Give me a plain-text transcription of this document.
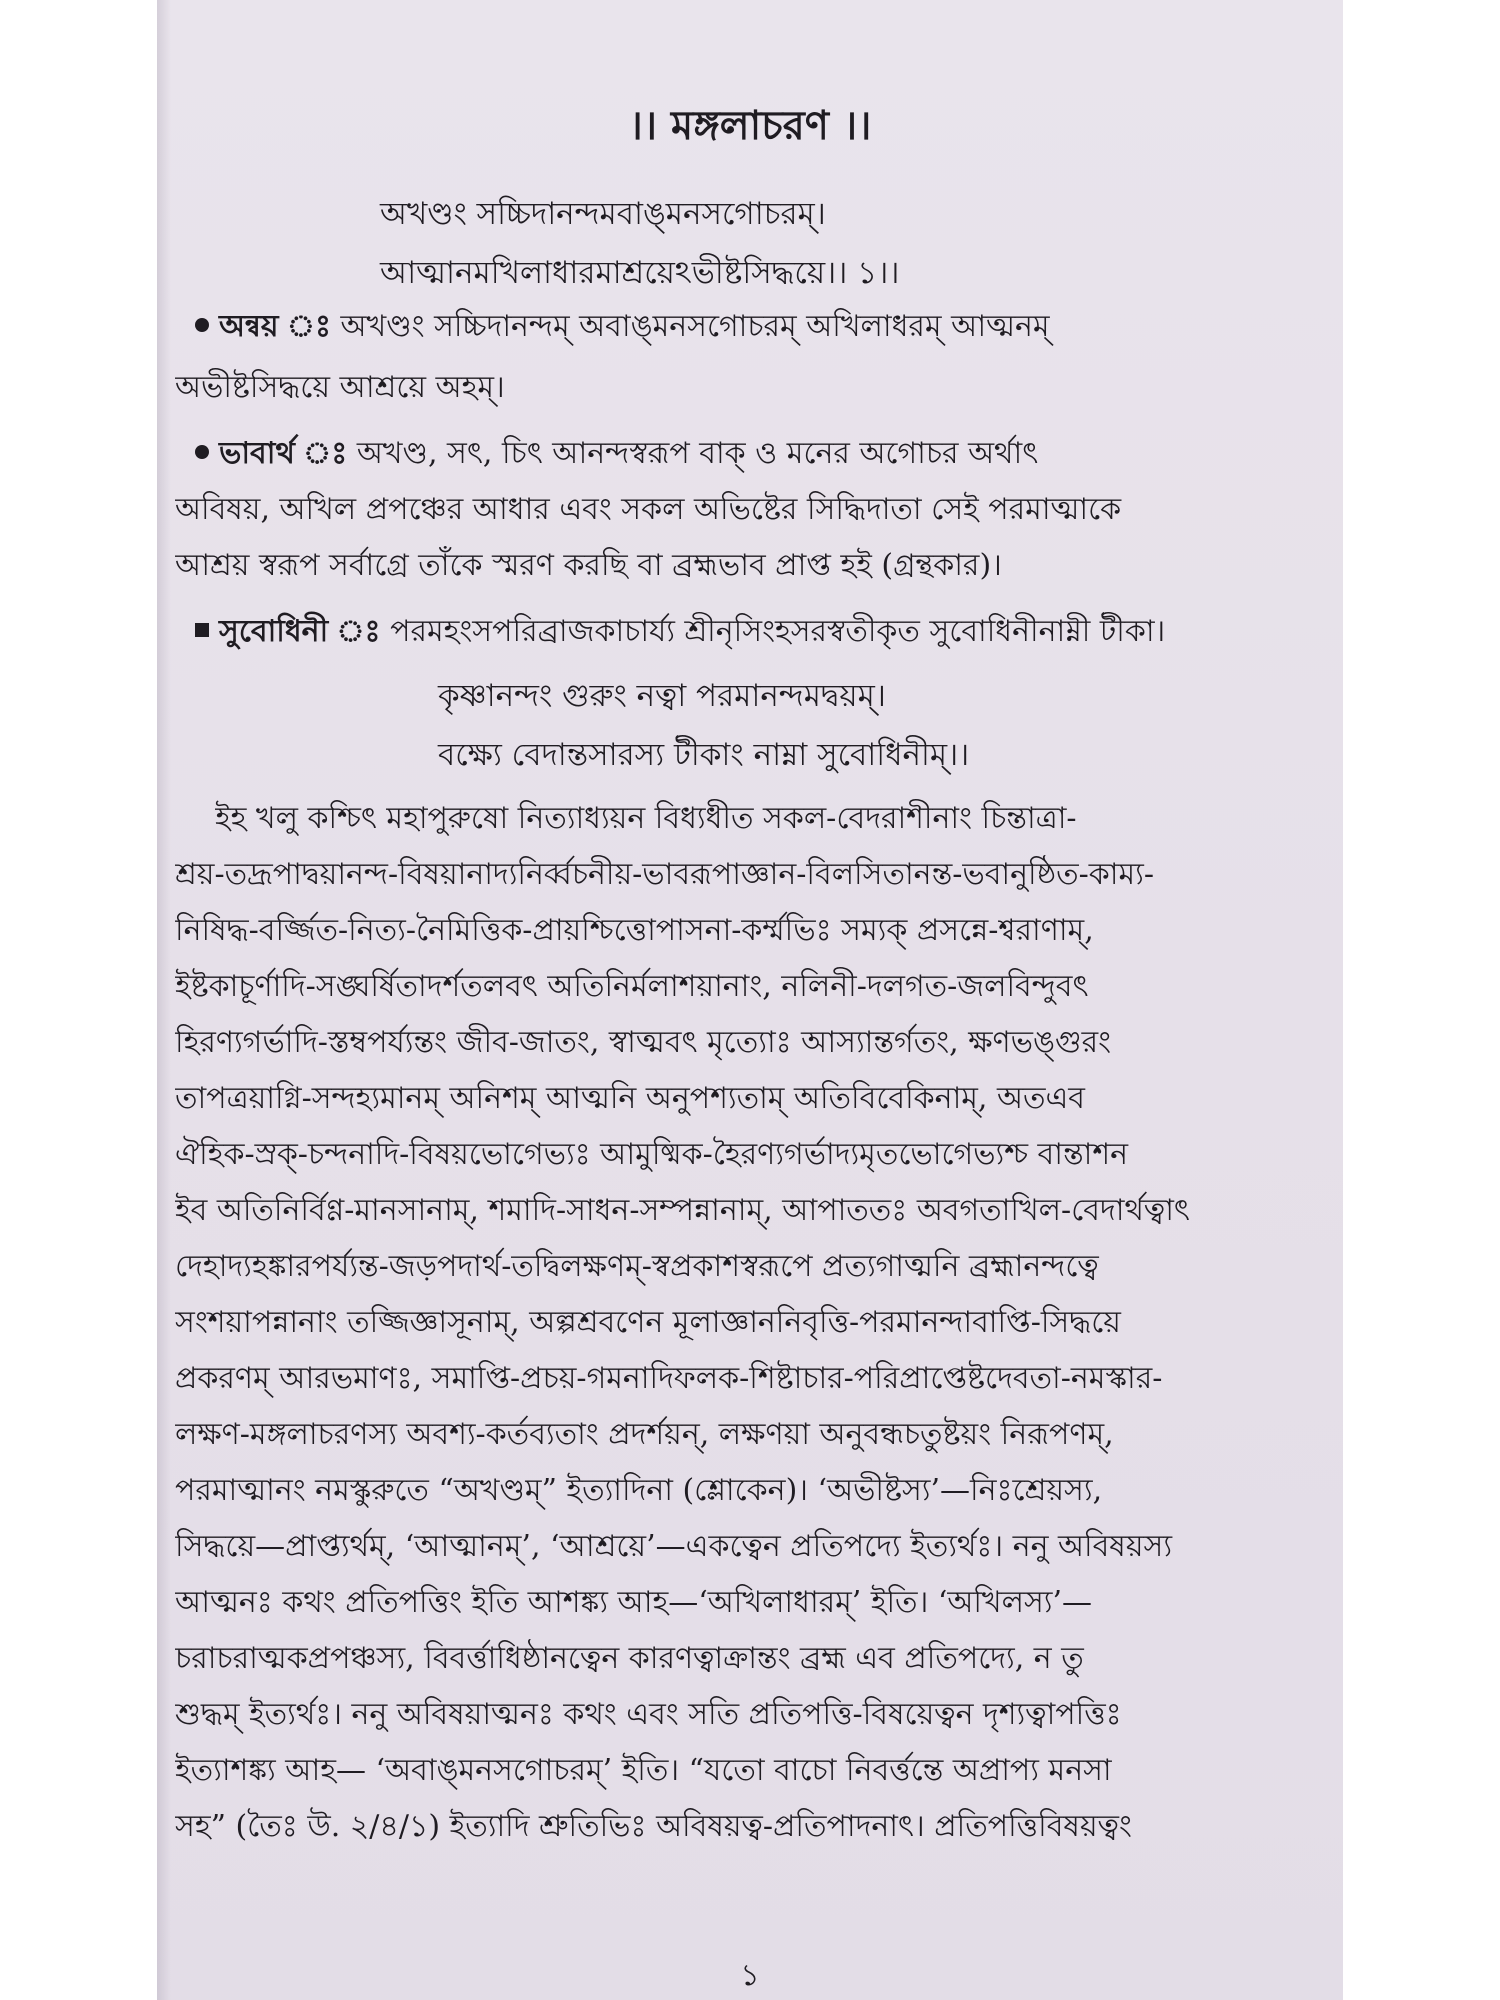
।। মঙ্গলাচরণ ।।
অখণ্ডং সচ্চিদানন্দমবাঙ্‌মনসগোচরম্‌।
আত্মানমখিলাধারমাশ্রয়েঽভীষ্টসিদ্ধয়ে।। ১।।
অন্বয় ঃ অখণ্ডং সচ্চিদানন্দম্‌ অবাঙ্‌মনসগোচরম্‌ অখিলাধরম্‌ আত্মনম্‌
অভীষ্টসিদ্ধয়ে আশ্রয়ে অহম্‌।
ভাবার্থ ঃ অখণ্ড, সৎ, চিৎ আনন্দস্বরূপ বাক্‌ ও মনের অগোচর অর্থাৎ
অবিষয়, অখিল প্রপঞ্চের আধার এবং সকল অভিষ্টের সিদ্ধিদাতা সেই পরমাত্মাকে
আশ্রয় স্বরূপ সর্বাগ্রে তাঁকে স্মরণ করছি বা ব্রহ্মভাব প্রাপ্ত হই (গ্রন্থকার)।
সুবোধিনী ঃ পরমহংসপরিব্রাজকাচার্য্য শ্রীনৃসিংহসরস্বতীকৃত সুবোধিনীনাম্নী টীকা।
কৃষ্ণানন্দং গুরুং নত্বা পরমানন্দমদ্বয়ম্‌।
বক্ষ্যে বেদান্তসারস্য টীকাং নাম্না সুবোধিনীম্‌।।
ইহ খলু কশ্চিৎ মহাপুরুষো নিত্যাধ্যয়ন বিধ্যধীত সকল-বেদরাশীনাং চিন্তাত্রা-
শ্রয়-তদ্রূপাদ্বয়ানন্দ-বিষয়ানাদ্যনির্ব্বচনীয়-ভাবরূপাজ্ঞান-বিলসিতানন্ত-ভবানুষ্ঠিত-কাম্য-
নিষিদ্ধ-বর্জ্জিত-নিত্য-নৈমিত্তিক-প্রায়শ্চিত্তোপাসনা-কর্ম্মভিঃ সম্যক্‌ প্রসন্নে-শ্বরাণাম্‌,
ইষ্টকাচূর্ণাদি-সঙ্ঘর্ষিতাদর্শতলবৎ অতিনির্মলাশয়ানাং, নলিনী-দলগত-জলবিন্দুবৎ
হিরণ্যগর্ভাদি-স্তম্বপর্য্যন্তং জীব-জাতং, স্বাত্মবৎ মৃত্যোঃ আস্যান্তর্গতং, ক্ষণভঙ্গুরং
তাপত্রয়াগ্নি-সন্দহ্যমানম্‌ অনিশম্‌ আত্মনি অনুপশ্যতাম্‌ অতিবিবেকিনাম্‌, অতএব
ঐহিক-স্রক্‌-চন্দনাদি-বিষয়ভোগেভ্যঃ আমুষ্মিক-হৈরণ্যগর্ভাদ্যমৃতভোগেভ্যশ্চ বান্তাশন
ইব অতিনির্বিণ্ণ-মানসানাম্‌, শমাদি-সাধন-সম্পন্নানাম্‌, আপাততঃ অবগতাখিল-বেদার্থত্বাৎ
দেহাদ্যহঙ্কারপর্য্যন্ত-জড়পদার্থ-তদ্বিলক্ষণম্‌-স্বপ্রকাশস্বরূপে প্রত্যগাত্মনি ব্রহ্মানন্দত্বে
সংশয়াপন্নানাং তজ্জিজ্ঞাসূনাম্‌, অল্পশ্রবণেন মূলাজ্ঞাননিবৃত্তি-পরমানন্দাবাপ্তি-সিদ্ধয়ে
প্রকরণম্‌ আরভমাণঃ, সমাপ্তি-প্রচয়-গমনাদিফলক-শিষ্টাচার-পরিপ্রাপ্তেষ্টদেবতা-নমস্কার-
লক্ষণ-মঙ্গলাচরণস্য অবশ্য-কর্তব্যতাং প্রদর্শয়ন্‌, লক্ষণয়া অনুবন্ধচতুষ্টয়ং নিরূপণম্‌,
পরমাত্মানং নমস্কুরুতে “অখণ্ডম্‌” ইত্যাদিনা (শ্লোকেন)। ‘অভীষ্টস্য’—নিঃশ্রেয়স্য,
সিদ্ধয়ে—প্রাপ্ত্যর্থম্‌, ‘আত্মানম্‌’, ‘আশ্রয়ে’—একত্বেন প্রতিপদ্যে ইত্যর্থঃ। ননু অবিষয়স্য
আত্মনঃ কথং প্রতিপত্তিং ইতি আশঙ্ক্য আহ—‘অখিলাধারম্‌’ ইতি। ‘অখিলস্য’—
চরাচরাত্মকপ্রপঞ্চস্য, বিবর্ত্তাধিষ্ঠানত্বেন কারণত্বাক্রান্তং ব্রহ্ম এব প্রতিপদ্যে, ন তু
শুদ্ধম্‌ ইত্যর্থঃ। ননু অবিষয়াত্মনঃ কথং এবং সতি প্রতিপত্তি-বিষয়েত্বন দৃশ্যত্বাপত্তিঃ
ইত্যাশঙ্ক্য আহ— ‘অবাঙ্‌মনসগোচরম্‌’ ইতি। “যতো বাচো নিবর্ত্তন্তে অপ্রাপ্য মনসা
সহ” (তৈঃ উ. ২/৪/১) ইত্যাদি শ্রুতিভিঃ অবিষয়ত্ব-প্রতিপাদনাৎ। প্রতিপত্তিবিষয়ত্বং
১
